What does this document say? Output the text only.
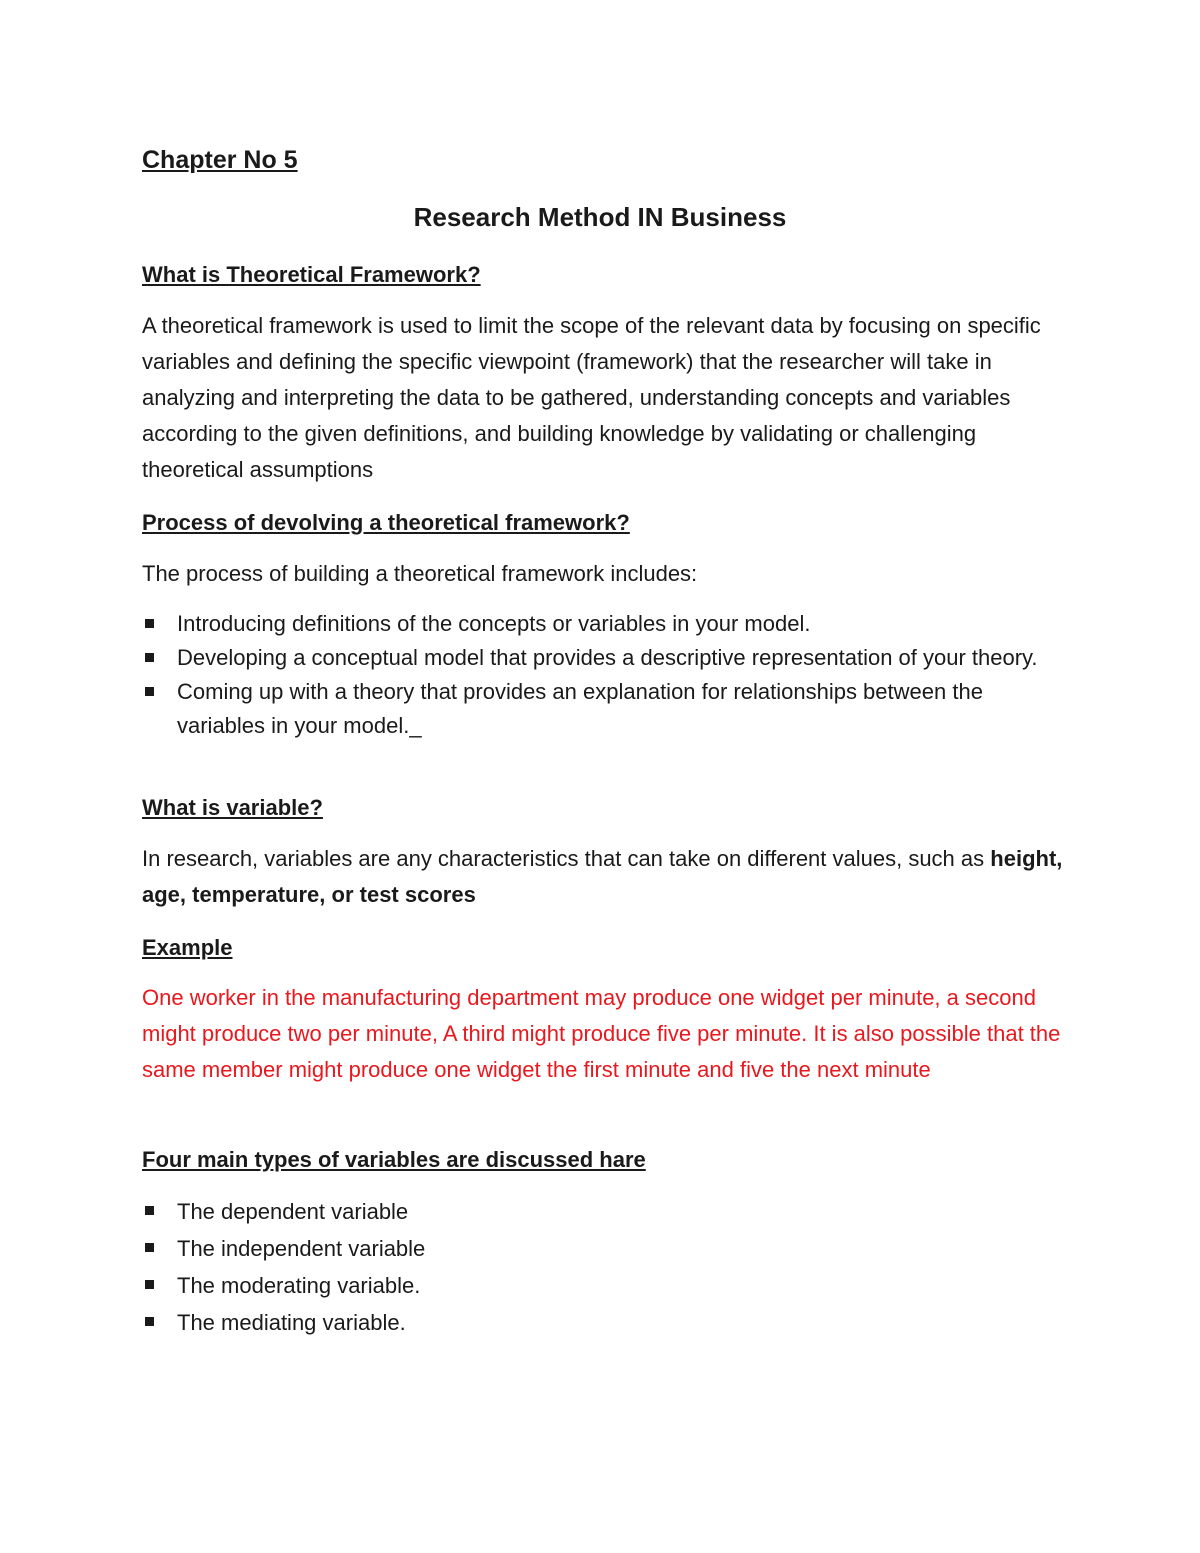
Chapter No 5
Research Method IN Business
What is Theoretical Framework?

A theoretical framework is used to limit the scope of the relevant data by focusing on specific variables and defining the specific viewpoint (framework) that the researcher will take in analyzing and interpreting the data to be gathered, understanding concepts and variables according to the given definitions, and building knowledge by validating or challenging theoretical assumptions

Process of devolving a theoretical framework?

The process of building a theoretical framework includes:

Introducing definitions of the concepts or variables in your model.
Developing a conceptual model that provides a descriptive representation of your theory.
Coming up with a theory that provides an explanation for relationships between the variables in your model._
What is variable?

In research, variables are any characteristics that can take on different values, such as height, age, temperature, or test scores

Example

One worker in the manufacturing department may produce one widget per minute, a second might produce two per minute, A third might produce five per minute. It is also possible that the same member might produce one widget the first minute and five the next minute

Four main types of variables are discussed hare
The dependent variable
The independent variable
The moderating variable.
The mediating variable.
